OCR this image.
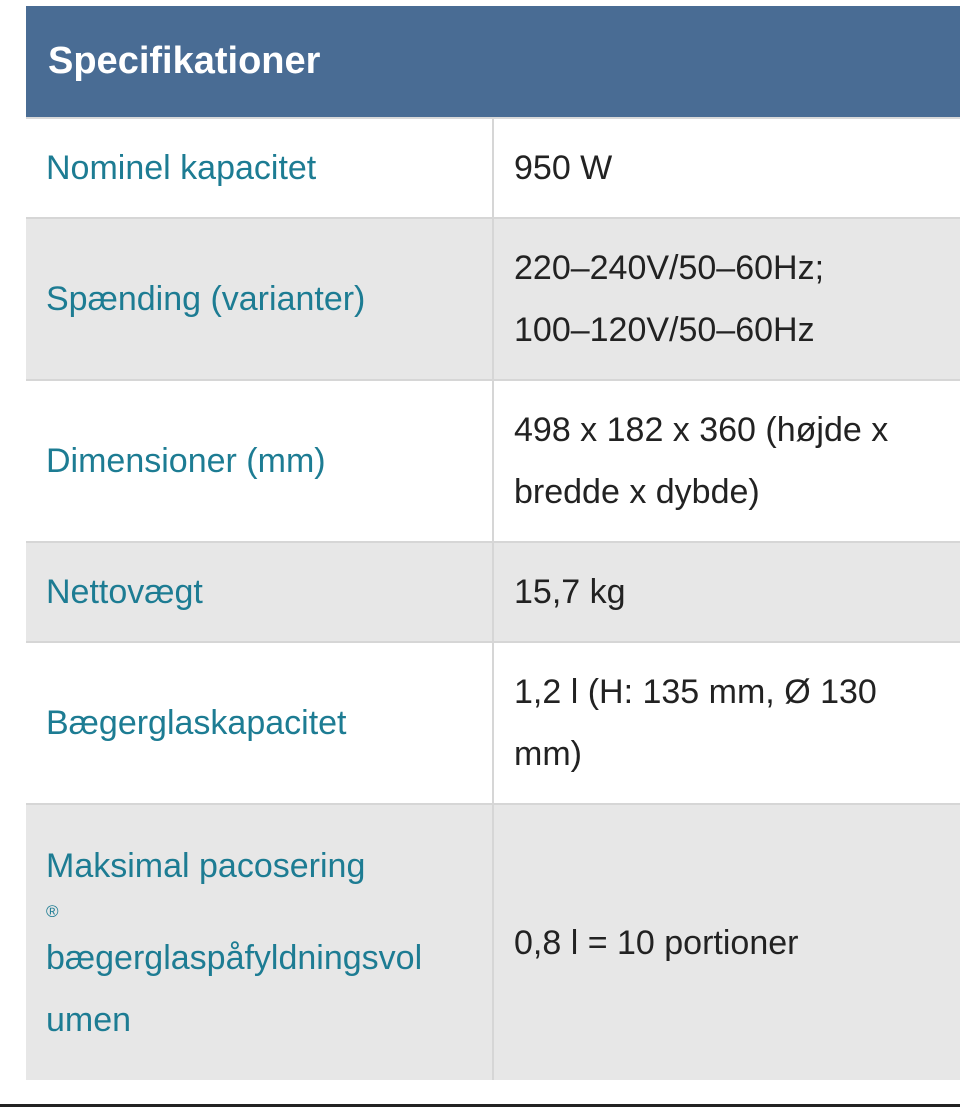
Specifikationer	
Nominel kapacitet	950 W
Spænding (varianter)	220–240V/50–60Hz;
100–120V/50–60Hz
Dimensioner (mm)	498 x 182 x 360 (højde x
bredde x dybde)
Nettovægt	15,7 kg
Bægerglaskapacitet	1,2 l (H: 135 mm, Ø 130
mm)
Maksimal pacosering
®
bægerglaspåfyldningsvol
umen	0,8 l = 10 portioner
